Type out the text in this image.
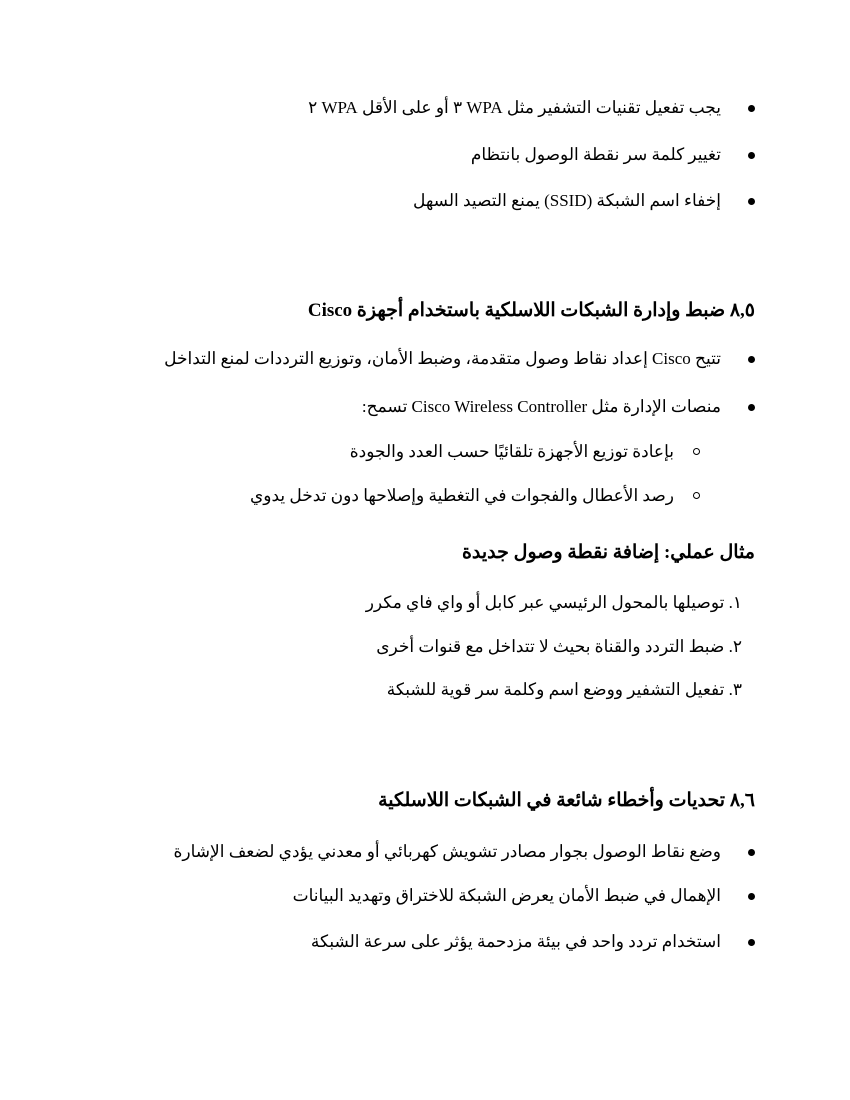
يجب تفعيل تقنيات التشفير مثل WPA ٣ أو على الأقل WPA ٢
تغيير كلمة سر نقطة الوصول بانتظام
إخفاء اسم الشبكة (SSID) يمنع التصيد السهل
٨,٥ ضبط وإدارة الشبكات اللاسلكية باستخدام أجهزة Cisco
تتيح Cisco إعداد نقاط وصول متقدمة، وضبط الأمان، وتوزيع الترددات لمنع التداخل
منصات الإدارة مثل Cisco Wireless Controller تسمح:
بإعادة توزيع الأجهزة تلقائيًا حسب العدد والجودة
رصد الأعطال والفجوات في التغطية وإصلاحها دون تدخل يدوي
مثال عملي: إضافة نقطة وصول جديدة
١. توصيلها بالمحول الرئيسي عبر كابل أو واي فاي مكرر
٢. ضبط التردد والقناة بحيث لا تتداخل مع قنوات أخرى
٣. تفعيل التشفير ووضع اسم وكلمة سر قوية للشبكة
٨,٦ تحديات وأخطاء شائعة في الشبكات اللاسلكية
وضع نقاط الوصول بجوار مصادر تشويش كهربائي أو معدني يؤدي لضعف الإشارة
الإهمال في ضبط الأمان يعرض الشبكة للاختراق وتهديد البيانات
استخدام تردد واحد في بيئة مزدحمة يؤثر على سرعة الشبكة
